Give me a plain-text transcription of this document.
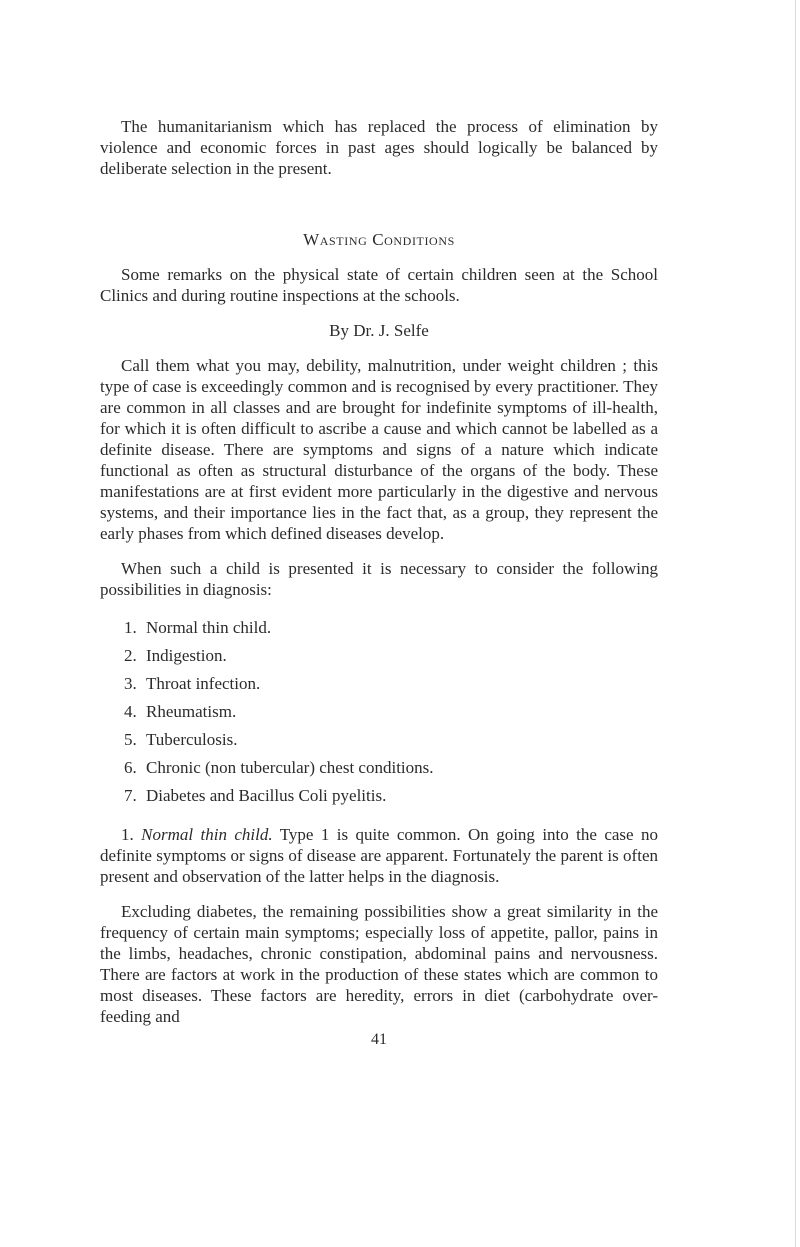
The humanitarianism which has replaced the process of elimination by violence and economic forces in past ages should logically be balanced by deliberate selection in the present.

Wasting Conditions

Some remarks on the physical state of certain children seen at the School Clinics and during routine inspections at the schools.

By Dr. J. Selfe

Call them what you may, debility, malnutrition, under weight children ; this type of case is exceedingly common and is recognised by every practitioner. They are common in all classes and are brought for indefinite symptoms of ill-health, for which it is often difficult to ascribe a cause and which cannot be labelled as a definite disease. There are symptoms and signs of a nature which indicate functional as often as structural disturbance of the organs of the body. These manifestations are at first evident more particularly in the digestive and nervous systems, and their importance lies in the fact that, as a group, they represent the early phases from which defined diseases develop.

When such a child is presented it is necessary to consider the following possibilities in diagnosis:

1. Normal thin child.
2. Indigestion.
3. Throat infection.
4. Rheumatism.
5. Tuberculosis.
6. Chronic (non tubercular) chest conditions.
7. Diabetes and Bacillus Coli pyelitis.

1. Normal thin child. Type 1 is quite common. On going into the case no definite symptoms or signs of disease are apparent. Fortunately the parent is often present and observation of the latter helps in the diagnosis.

Excluding diabetes, the remaining possibilities show a great similarity in the frequency of certain main symptoms; especially loss of appetite, pallor, pains in the limbs, headaches, chronic constipation, abdominal pains and nervousness. There are factors at work in the production of these states which are common to most diseases. These factors are heredity, errors in diet (carbohydrate over-feeding and

41
